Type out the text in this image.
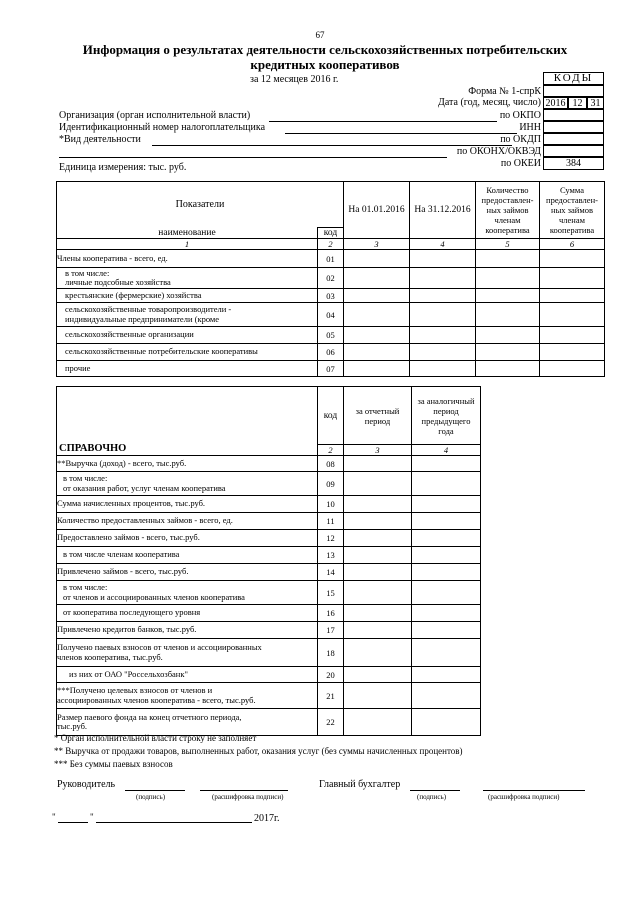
67
Информация о результатах деятельности сельскохозяйственных потребительских кредитных кооперативов
за 12 месяцев 2016 г.	КОДЫ
2016 12 31
384
Форма № 1-спрК
Дата (год, месяц, число)
по ОКПО
ИНН
по ОКДП
по ОКОНХ/ОКВЭД
по ОКЕИ
Организация (орган исполнительной власти)
Идентификационный номер налогоплательщика
*Вид деятельности
Единица измерения: тыс. руб.
Показатели		На 01.01.2016	На 31.12.2016	Количество предоставлен-ных займов членам кооператива	Сумма предоставлен-ных займов членам кооператива
наименование	код				
1	2	3	4	5	6

Члены кооператива - всего, ед.	01				

в том числе:
личные подсобные хозяйства	02				

крестьянские (фермерские) хозяйства	03				

сельскохозяйственные товаропроизводители -
индивидуальные предприниматели (кроме	04				

сельскохозяйственные организации	05				

сельскохозяйственные потребительские кооперативы	06				

прочие	07				
СПРАВОЧНО	код	за отчетный период	за аналогичный период предыдущего года
	2	3	4

**Выручка (доход) - всего, тыс.руб.	08		

в том числе:
от оказания работ, услуг членам кооператива	09		

Сумма начисленных процентов, тыс.руб.	10		

Количество предоставленных займов - всего, ед.	11		

Предоставлено займов - всего, тыс.руб.	12		

в том числе членам кооператива	13		

Привлечено займов - всего, тыс.руб.	14		

в том числе:
от членов и ассоциированных членов кооператива	15		

от кооператива последующего уровня	16		

Привлечено кредитов банков, тыс.руб.	17		

Получено паевых взносов от членов и ассоциированных
членов кооператива, тыс.руб.	18		

из них от ОАО "Россельхозбанк"	20		

***Получено целевых взносов от членов и
ассоциированных членов кооператива - всего, тыс.руб.	21		

Размер паевого фонда на конец отчетного периода,
тыс.руб.	22		
* Орган исполнительной власти строку не заполняет
** Выручка от продажи товаров, выполненных работ, оказания услуг (без суммы начисленных процентов)
*** Без суммы паевых взносов
Руководитель
(подпись)	(расшифровка подписи)
Главный бухгалтер
(подпись)	(расшифровка подписи)
"	"	2017г.
